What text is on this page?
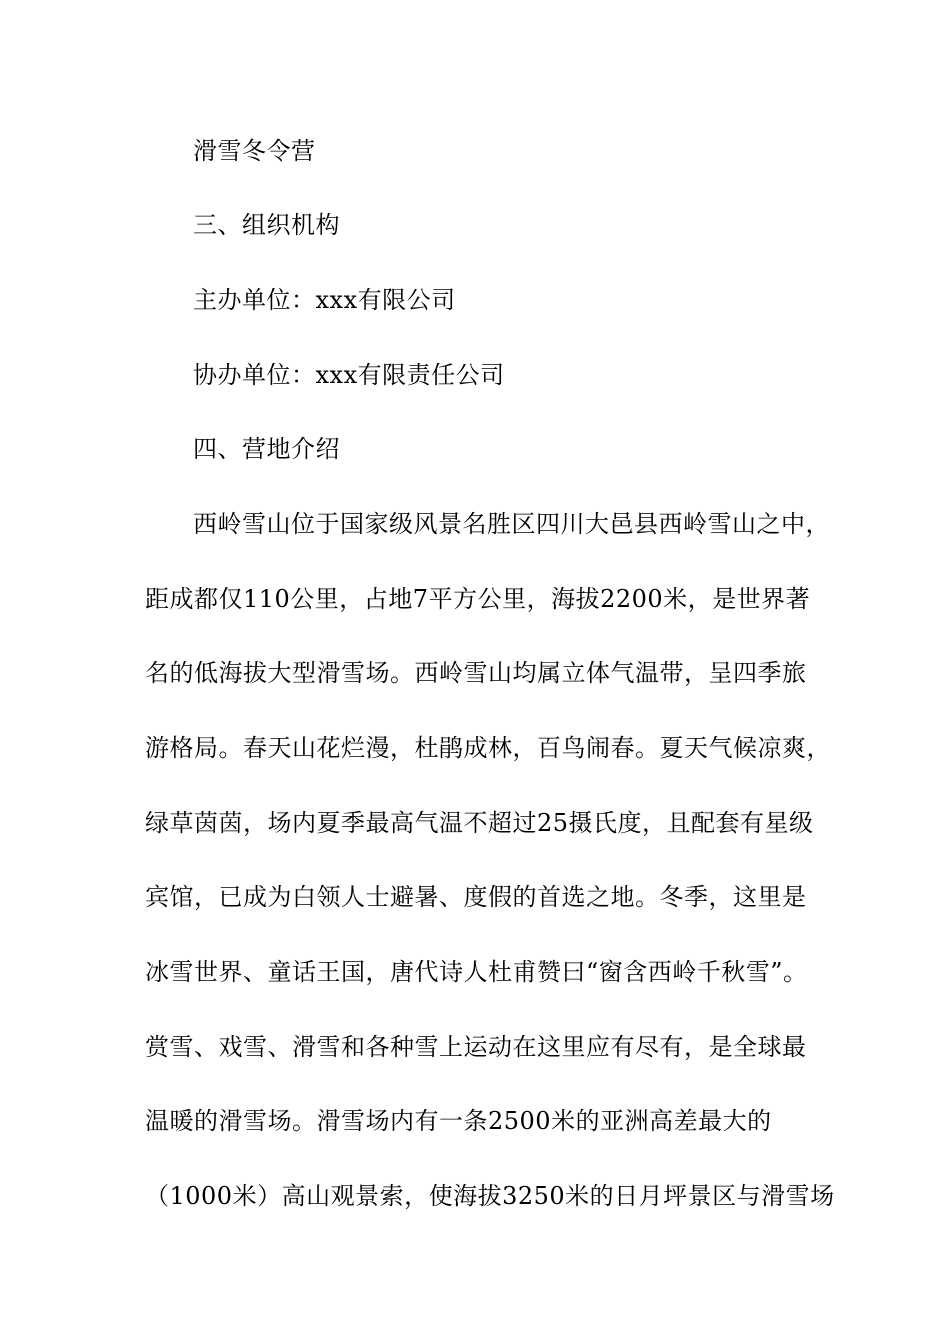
滑雪冬令营
三、组织机构
主办单位：xxx有限公司
协办单位：xxx有限责任公司
四、营地介绍
西岭雪山位于国家级风景名胜区四川大邑县西岭雪山之中，
距成都仅110公里，占地7平方公里，海拔2200米，是世界著
名的低海拔大型滑雪场。西岭雪山均属立体气温带，呈四季旅
游格局。春天山花烂漫，杜鹃成林，百鸟闹春。夏天气候凉爽，
绿草茵茵，场内夏季最高气温不超过25摄氏度，且配套有星级
宾馆，已成为白领人士避暑、度假的首选之地。冬季，这里是
冰雪世界、童话王国，唐代诗人杜甫赞曰“窗含西岭千秋雪”。
赏雪、戏雪、滑雪和各种雪上运动在这里应有尽有，是全球最
温暖的滑雪场。滑雪场内有一条2500米的亚洲高差最大的
（1000米）高山观景索，使海拔3250米的日月坪景区与滑雪场
